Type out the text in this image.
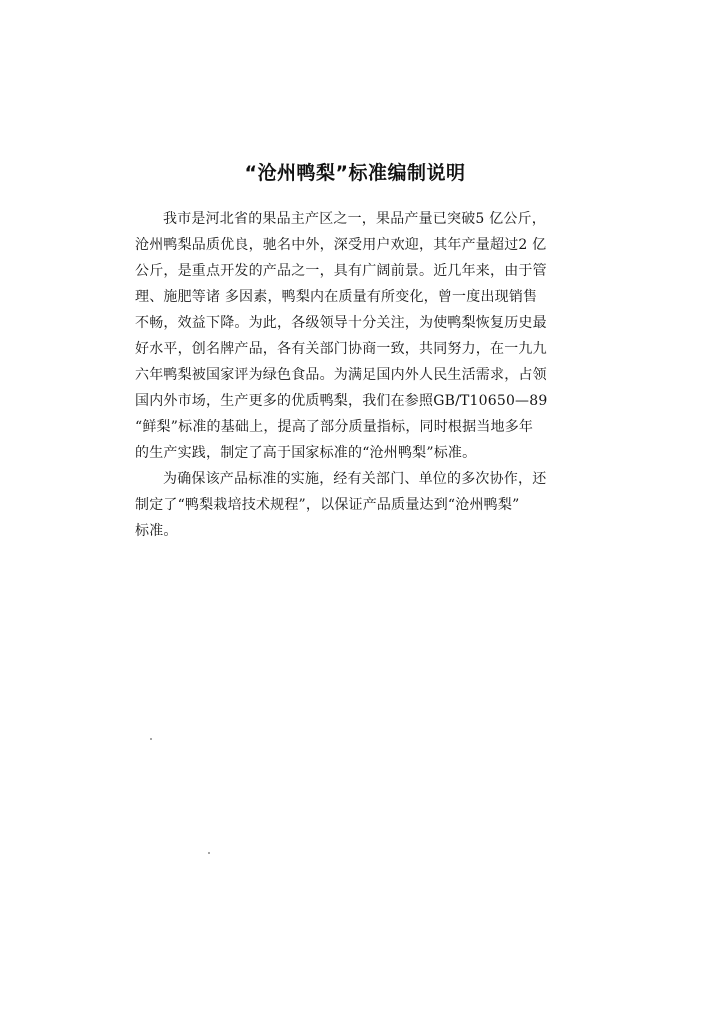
“沧州鸭梨”标准编制说明
我市是河北省的果品主产区之一，果品产量已突破5 亿公斤，
沧州鸭梨品质优良，驰名中外，深受用户欢迎，其年产量超过2 亿
公斤，是重点开发的产品之一，具有广阔前景。近几年来，由于管
理、施肥等诸 多因素，鸭梨内在质量有所变化，曾一度出现销售
不畅，效益下降。为此，各级领导十分关注，为使鸭梨恢复历史最
好水平，创名牌产品，各有关部门协商一致，共同努力，在一九九
六年鸭梨被国家评为绿色食品。为满足国内外人民生活需求，占领
国内外市场，生产更多的优质鸭梨，我们在参照GB/T10650—89
“鲜梨”标准的基础上，提高了部分质量指标，同时根据当地多年
的生产实践，制定了高于国家标准的“沧州鸭梨”标准。
为确保该产品标准的实施，经有关部门、单位的多次协作，还
制定了“鸭梨栽培技术规程”，以保证产品质量达到“沧州鸭梨”
标准。
